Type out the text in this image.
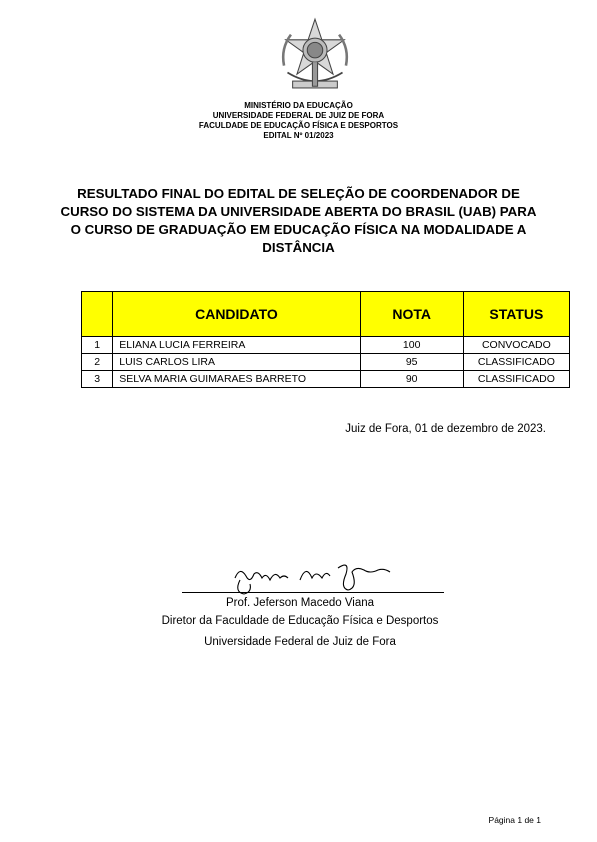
MINISTÉRIO DA EDUCAÇÃO
UNIVERSIDADE FEDERAL DE JUIZ DE FORA
FACULDADE DE EDUCAÇÃO FÍSICA E DESPORTOS
EDITAL Nº 01/2023
RESULTADO FINAL DO EDITAL DE SELEÇÃO DE COORDENADOR DE
CURSO DO SISTEMA DA UNIVERSIDADE ABERTA DO BRASIL (UAB) PARA
O CURSO DE GRADUAÇÃO EM EDUCAÇÃO FÍSICA NA MODALIDADE A
DISTÂNCIA
	CANDIDATO	NOTA	STATUS
1	ELIANA LUCIA FERREIRA	100	CONVOCADO
2	LUIS CARLOS LIRA	95	CLASSIFICADO
3	SELVA MARIA GUIMARAES BARRETO	90	CLASSIFICADO
Juiz de Fora, 01 de dezembro de 2023.
Prof. Jeferson Macedo Viana
Diretor da Faculdade de Educação Física e Desportos
Universidade Federal de Juiz de Fora
Página 1 de 1
